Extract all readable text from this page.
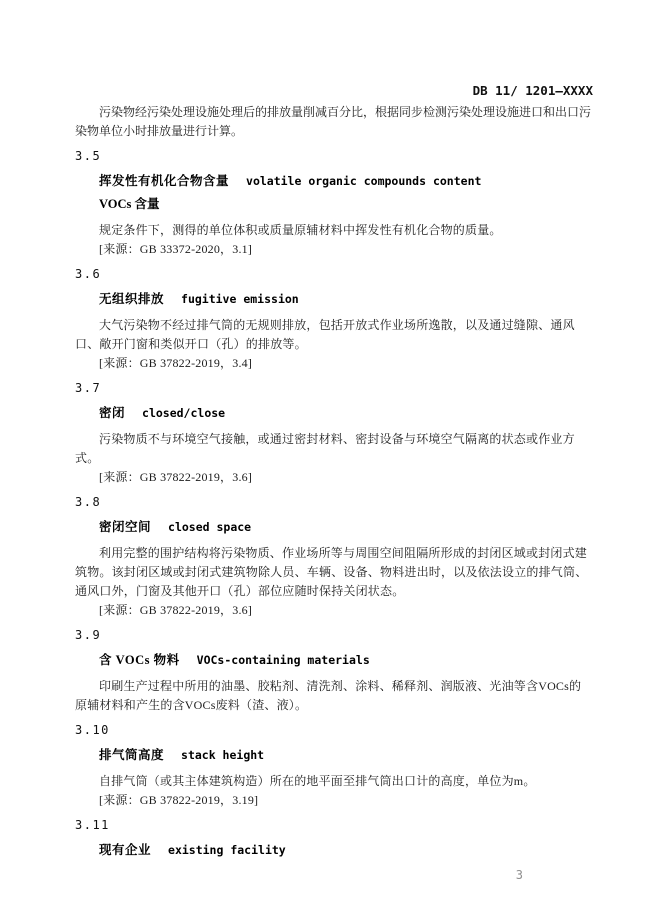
DB 11/ 1201—XXXX

污染物经污染处理设施处理后的排放量削减百分比，根据同步检测污染处理设施进口和出口污染物单位小时排放量进行计算。

3.5
挥发性有机化合物含量 volatile organic compounds content
VOCs 含量

规定条件下，测得的单位体积或质量原辅材料中挥发性有机化合物的质量。

[来源：GB 33372-2020，3.1]
3.6
无组织排放 fugitive emission

大气污染物不经过排气筒的无规则排放，包括开放式作业场所逸散，以及通过缝隙、通风口、敞开门窗和类似开口（孔）的排放等。

[来源：GB 37822-2019，3.4]
3.7
密闭 closed/close

污染物质不与环境空气接触，或通过密封材料、密封设备与环境空气隔离的状态或作业方式。

[来源：GB 37822-2019，3.6]
3.8
密闭空间 closed space

利用完整的围护结构将污染物质、作业场所等与周围空间阻隔所形成的封闭区域或封闭式建筑物。该封闭区域或封闭式建筑物除人员、车辆、设备、物料进出时，以及依法设立的排气筒、通风口外，门窗及其他开口（孔）部位应随时保持关闭状态。

[来源：GB 37822-2019，3.6]
3.9
含 VOCs 物料 VOCs-containing materials

印刷生产过程中所用的油墨、胶粘剂、清洗剂、涂料、稀释剂、润版液、光油等含VOCs的原辅材料和产生的含VOCs废料（渣、液）。

3.10
排气筒高度 stack height

自排气筒（或其主体建筑构造）所在的地平面至排气筒出口计的高度，单位为m。

[来源：GB 37822-2019，3.19]
3.11
现有企业 existing facility
3
